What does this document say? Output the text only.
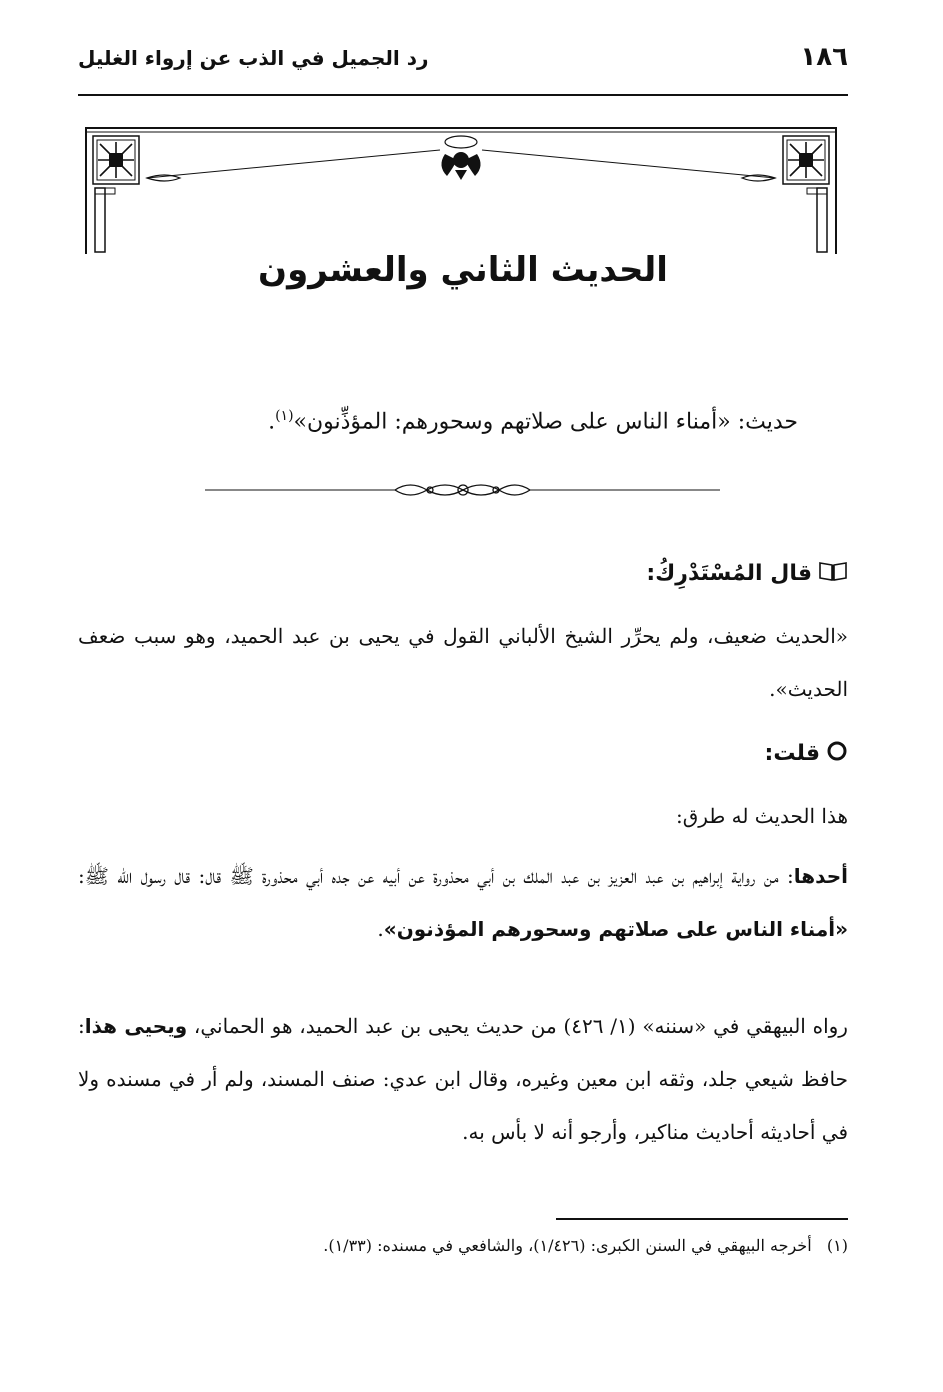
١٨٦
رد الجميل في الذب عن إرواء الغليل
الحديث الثاني والعشرون
حديث: «أمناء الناس على صلاتهم وسحورهم: المؤذِّنون»$^{(١)}$.
قال المُسْتَدْرِكُ:
«الحديث ضعيف، ولم يحرِّر الشيخ الألباني القول في يحيى بن عبد الحميد، وهو سبب ضعف الحديث».
قلت:
هذا الحديث له طرق:
أحدها: من رواية إبراهيم بن عبد العزيز بن عبد الملك بن أبي محذورة عن أبيه عن جده أبي محذورة ﷺ قال: قال رسول الله ﷺ: «أمناء الناس على صلاتهم وسحورهم المؤذنون».
رواه البيهقي في «سننه» (١/ ٤٢٦) من حديث يحيى بن عبد الحميد، هو الحماني، ويحيى هذا: حافظ شيعي جلد، وثقه ابن معين وغيره، وقال ابن عدي: صنف المسند، ولم أر في مسنده ولا في أحاديثه أحاديث مناكير، وأرجو أنه لا بأس به.
(١)   أخرجه البيهقي في السنن الكبرى: (١/٤٢٦)، والشافعي في مسنده: (١/٣٣).
